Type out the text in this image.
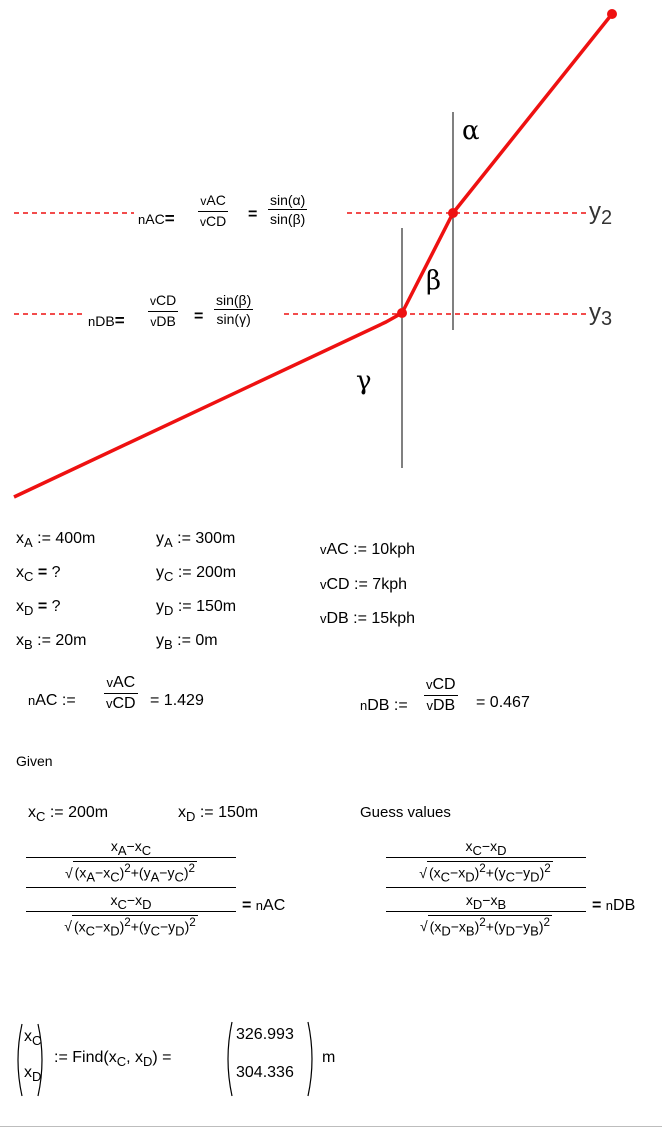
α
β
γ
$y_2$
$y_3$
nAC=
vAC
vCD =
sin(α)
sin(β)
nDB=
vCD
vDB =
sin(β)
sin(γ)
$x_A$ := 400m
$x_C$ = ?
$x_D$ = ?
$x_B$ := 20m
$y_A$ := 300m
$y_C$ := 200m
$y_D$ := 150m
$y_B$ := 0m
vAC := 10kph
vCD := 7kph
vDB := 15kph
nAC :=
vAC
vCD = 1.429	nDB :=
vCD
vDB = 0.467
Given
$x_C$ := 200m	$x_D$ := 150m	Guess values
$x_A-x_C$
√ $(x_A-x_C)^2+(y_A-y_C)^2$
$x_C-x_D$
√ $(x_C-x_D)^2+(y_C-y_D)^2$
= nAC
$x_C-x_D$
√ $(x_C-x_D)^2+(y_C-y_D)^2$
$x_D-x_B$
√ $(x_D-x_B)^2+(y_D-y_B)^2$
= nDB
$x_C$
$x_D$
:= $Find(x_C$, $x_D$) =
326.993
304.336
m
